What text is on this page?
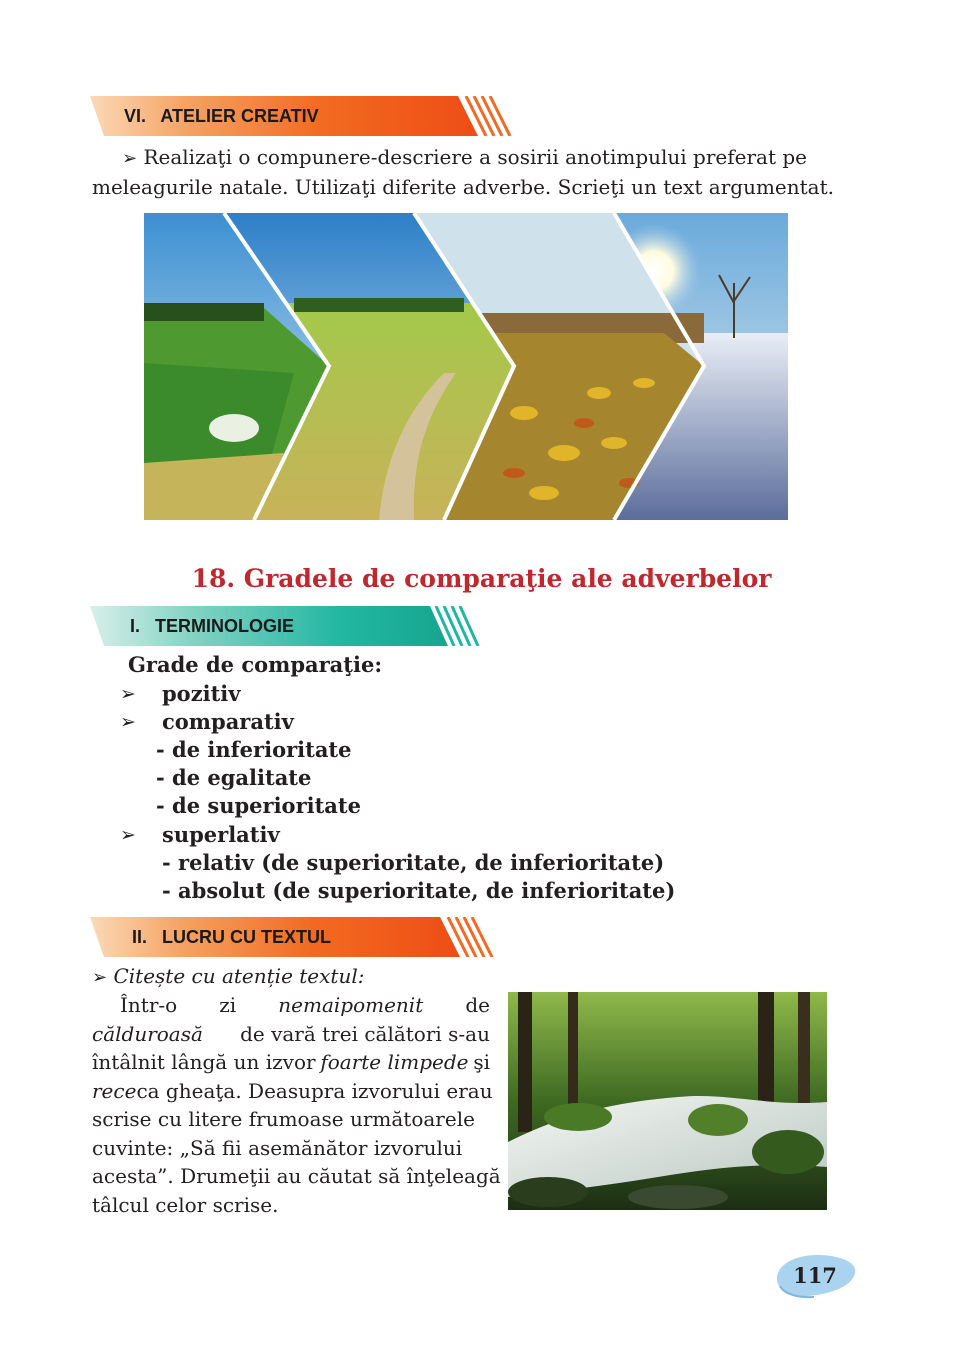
VI.   ATELIER CREATIV
➢ Realizaţi o compunere-descriere a sosirii anotimpului preferat pe
meleagurile natale. Utilizaţi diferite adverbe. Scrieţi un text argumentat.
18. Gradele de comparaţie ale adverbelor
I.   TERMINOLOGIE
Grade de comparaţie:
➢ pozitiv
➢ comparativ
- de inferioritate
- de egalitate
- de superioritate
➢ superlativ
- relativ (de superioritate, de inferioritate)
- absolut (de superioritate, de inferioritate)
II.   LUCRU CU TEXTUL
➢ Citește cu atenție textul:
Într-o zi nemaipomenit de
călduroasă de vară trei călători s-au
întâlnit lângă un izvor foarte limpede şi
rece ca gheaţa. Deasupra izvorului erau
scrise cu litere frumoase următoarele
cuvinte: „Să fii asemănător izvorului
acesta”. Drumeţii au căutat să înţeleagă
tâlcul celor scrise.
117
